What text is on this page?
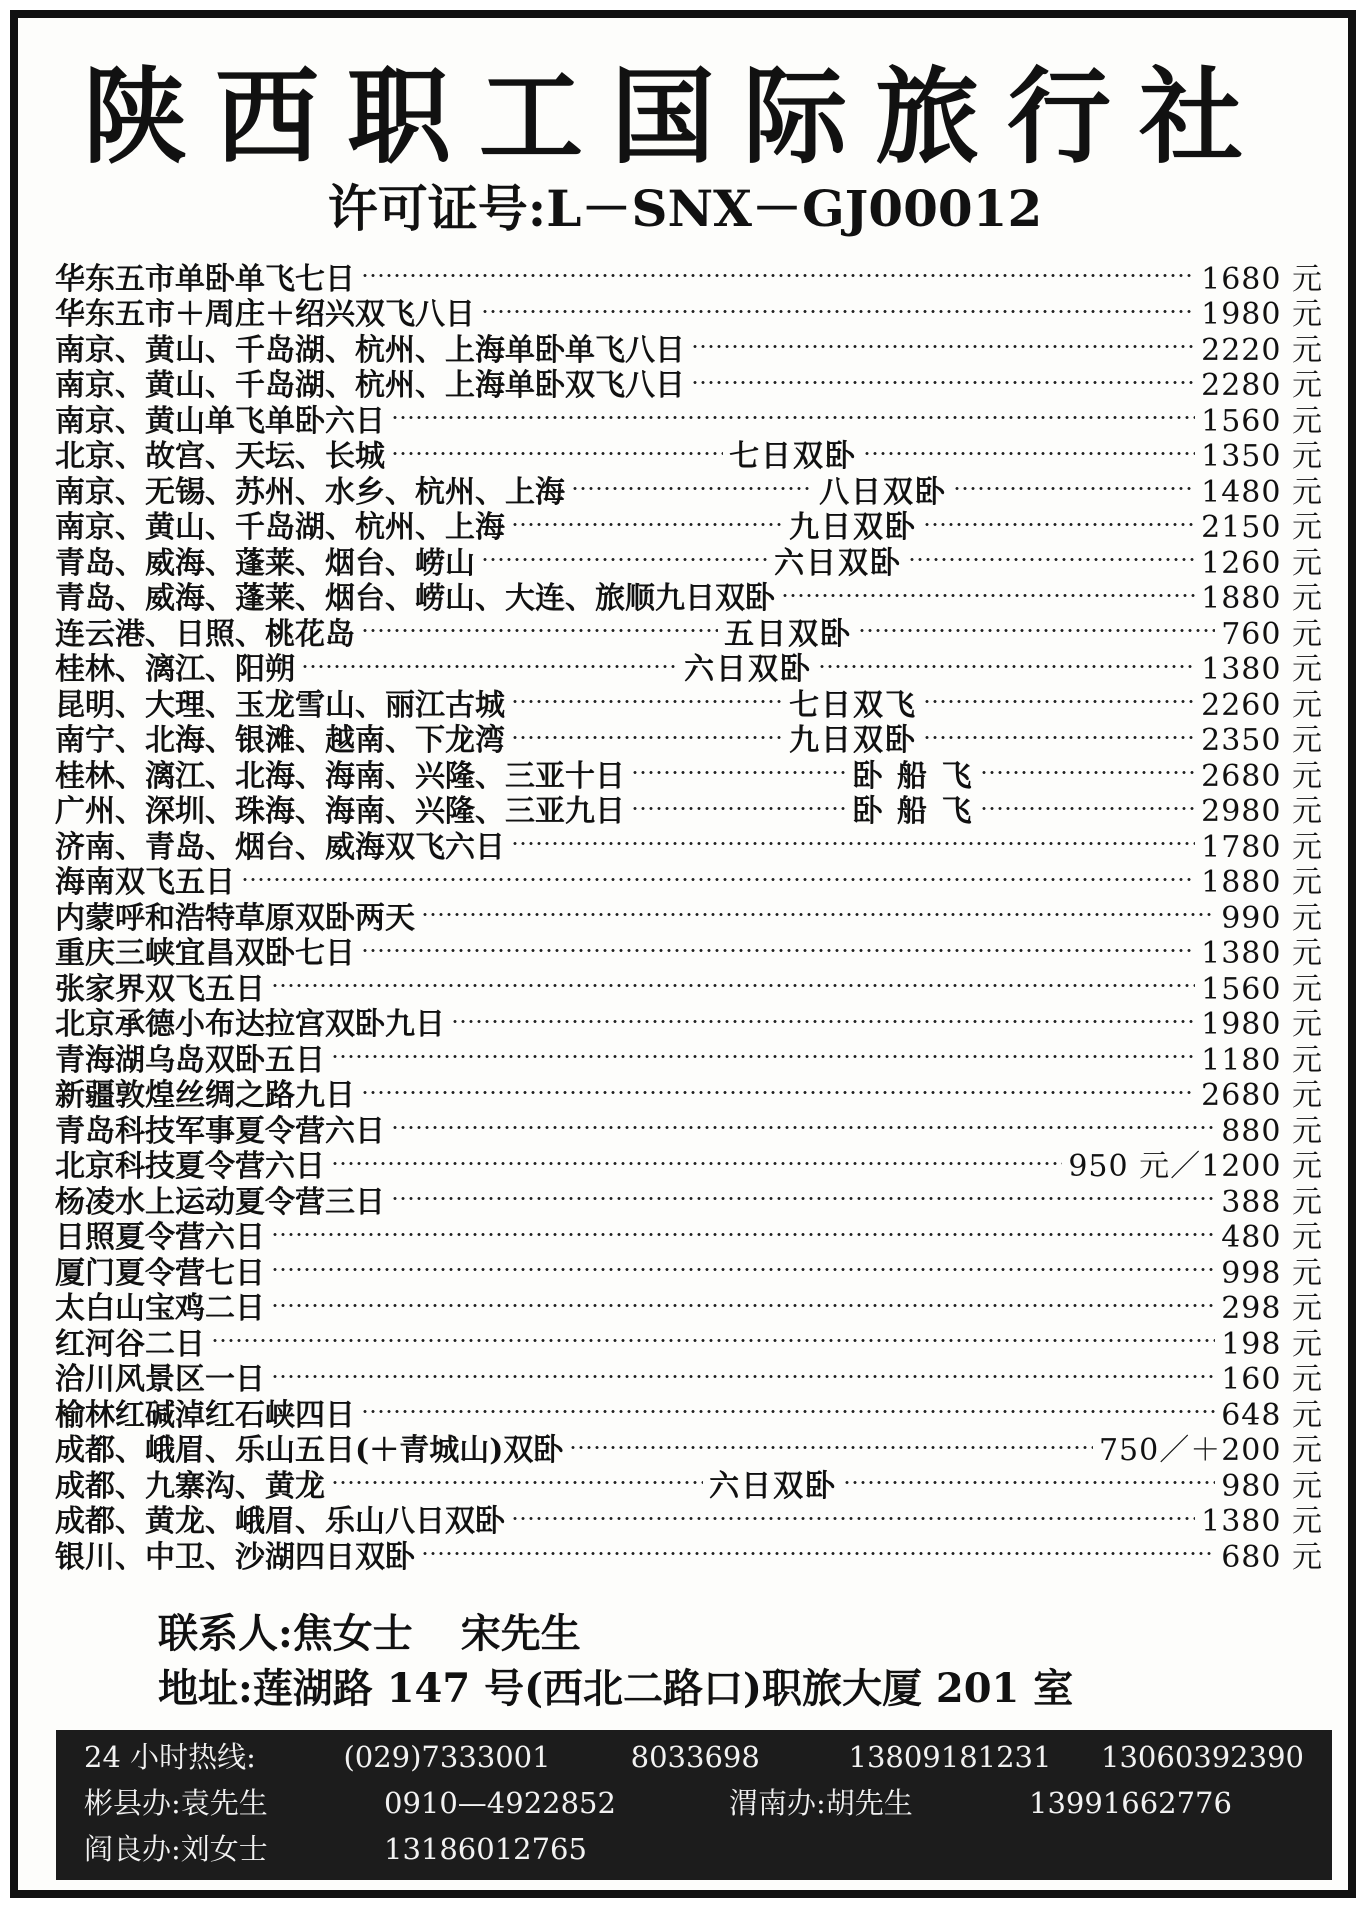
陕西职工国际旅行社
许可证号:L－SNX－GJ00012
华东五市单卧单飞七日	1680 元
华东五市＋周庄＋绍兴双飞八日	1980 元
南京、黄山、千岛湖、杭州、上海单卧单飞八日	2220 元
南京、黄山、千岛湖、杭州、上海单卧双飞八日	2280 元
南京、黄山单飞单卧六日	1560 元
北京、故宫、天坛、长城	七日双卧	1350 元
南京、无锡、苏州、水乡、杭州、上海	八日双卧	1480 元
南京、黄山、千岛湖、杭州、上海	九日双卧	2150 元
青岛、威海、蓬莱、烟台、崂山	六日双卧	1260 元
青岛、威海、蓬莱、烟台、崂山、大连、旅顺九日双卧	1880 元
连云港、日照、桃花岛	五日双卧	760 元
桂林、漓江、阳朔	六日双卧	1380 元
昆明、大理、玉龙雪山、丽江古城	七日双飞	2260 元
南宁、北海、银滩、越南、下龙湾	九日双卧	2350 元
桂林、漓江、北海、海南、兴隆、三亚十日	卧 船 飞	2680 元
广州、深圳、珠海、海南、兴隆、三亚九日	卧 船 飞	2980 元
济南、青岛、烟台、威海双飞六日	1780 元
海南双飞五日	1880 元
内蒙呼和浩特草原双卧两天	990 元
重庆三峡宜昌双卧七日	1380 元
张家界双飞五日	1560 元
北京承德小布达拉宫双卧九日	1980 元
青海湖乌岛双卧五日	1180 元
新疆敦煌丝绸之路九日	2680 元
青岛科技军事夏令营六日	880 元
北京科技夏令营六日	950 元／1200 元
杨凌水上运动夏令营三日	388 元
日照夏令营六日	480 元
厦门夏令营七日	998 元
太白山宝鸡二日	298 元
红河谷二日	198 元
洽川风景区一日	160 元
榆林红碱淖红石峡四日	648 元
成都、峨眉、乐山五日(＋青城山)双卧	750／＋200 元
成都、九寨沟、黄龙	六日双卧	980 元
成都、黄龙、峨眉、乐山八日双卧	1380 元
银川、中卫、沙湖四日双卧	680 元
联系人:焦女士 宋先生
地址:莲湖路 147 号(西北二路口)职旅大厦 201 室
24 小时热线:	(029)7333001	8033698	13809181231	13060392390
彬县办:袁先生	0910—4922852	渭南办:胡先生	13991662776
阎良办:刘女士	13186012765
